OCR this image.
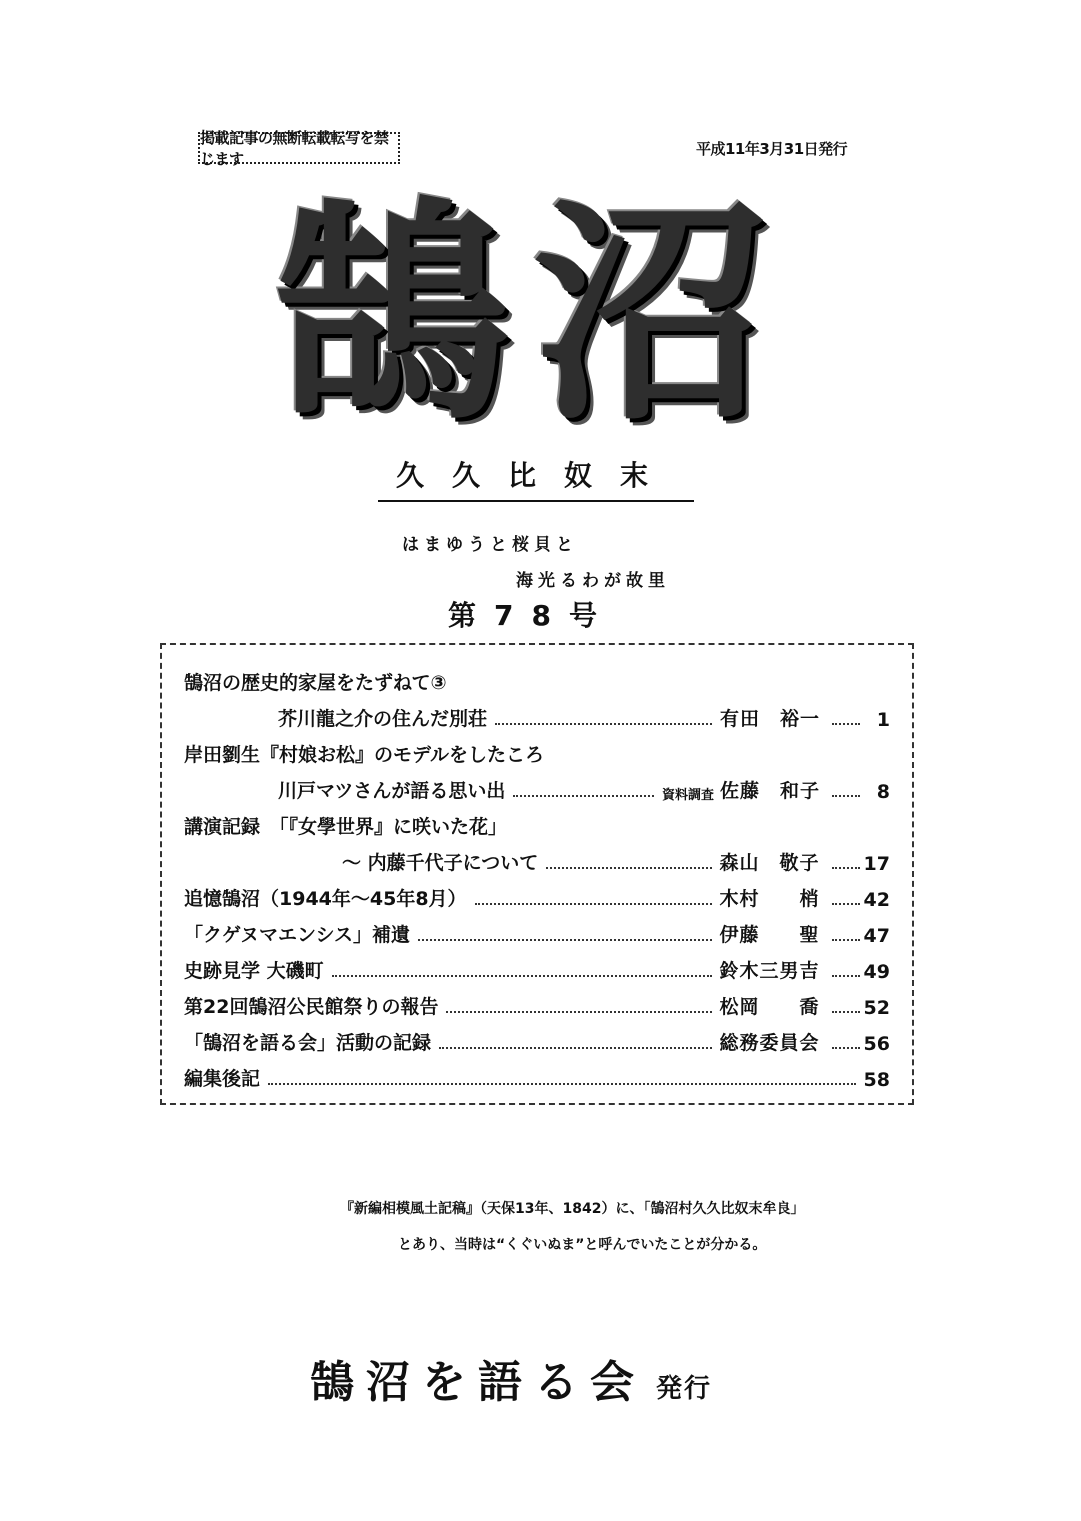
掲載記事の無断転載転写を禁じます
平成11年3月31日発行
鵠沼
久久比奴末
はまゆうと桜貝と
海光るわが故里
第78号
鵠沼の歴史的家屋をたずねて③
芥川龍之介の住んだ別荘	有田　裕一	1
岸田劉生『村娘お松』のモデルをしたころ
川戸マツさんが語る思い出	資料調査 佐藤　和子	8
講演記録　「『女學世界』に咲いた花」
～ 内藤千代子について	森山　敬子	17
追憶鵠沼（1944年～45年8月）	木村　　梢	42
「クゲヌマエンシス」補遺	伊藤　　聖	47
史跡見学 大磯町	鈴木三男吉	49
第22回鵠沼公民館祭りの報告	松岡　　喬	52
「鵠沼を語る会」活動の記録	総務委員会	56
編集後記	58
『新編相模風土記稿』（天保13年、1842）に、「鵠沼村久久比奴末牟良」
とあり、当時は“くぐいぬま”と呼んでいたことが分かる。
鵠沼を語る会 発行
